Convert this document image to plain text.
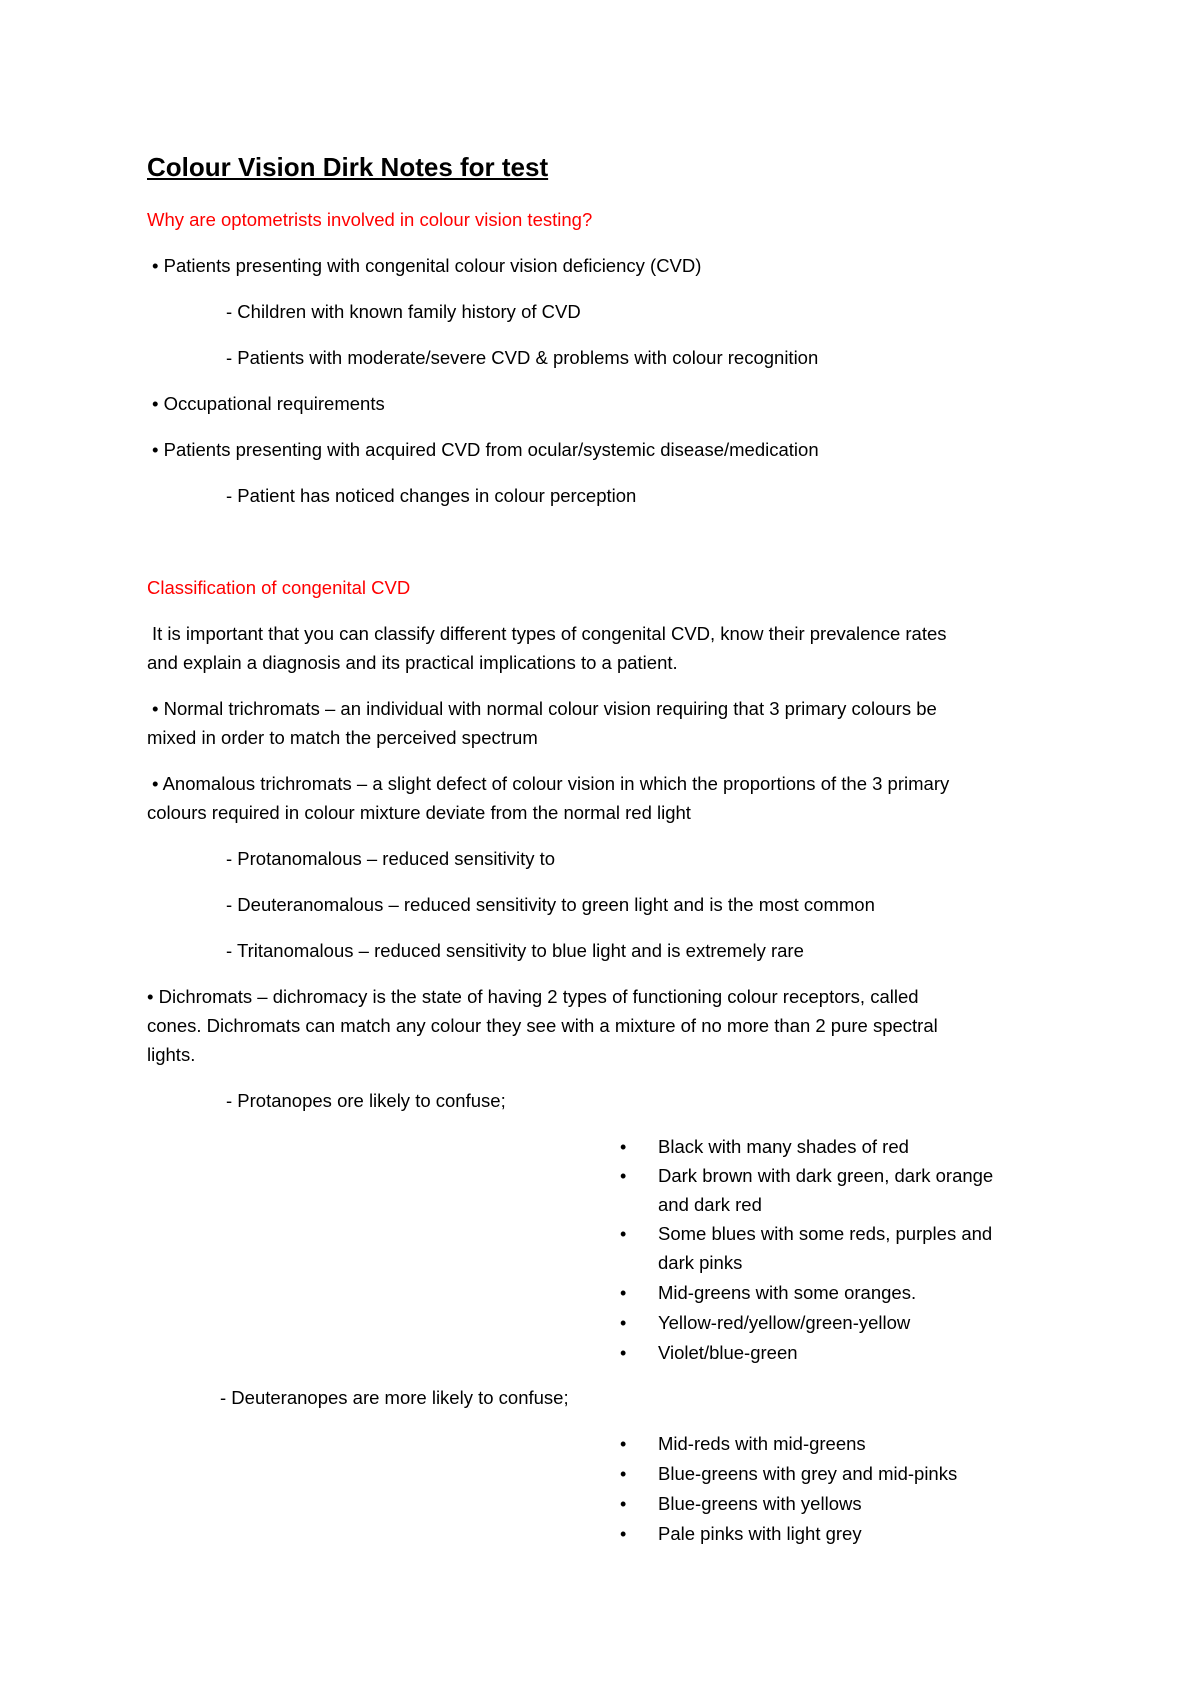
Colour Vision Dirk Notes for test
Why are optometrists involved in colour vision testing?
• Patients presenting with congenital colour vision deficiency (CVD)
- Children with known family history of CVD
- Patients with moderate/severe CVD & problems with colour recognition
• Occupational requirements
• Patients presenting with acquired CVD from ocular/systemic disease/medication
- Patient has noticed changes in colour perception
Classification of congenital CVD
It is important that you can classify different types of congenital CVD, know their prevalence rates
and explain a diagnosis and its practical implications to a patient.
• Normal trichromats – an individual with normal colour vision requiring that 3 primary colours be
mixed in order to match the perceived spectrum
• Anomalous trichromats – a slight defect of colour vision in which the proportions of the 3 primary
colours required in colour mixture deviate from the normal red light
- Protanomalous – reduced sensitivity to
- Deuteranomalous – reduced sensitivity to green light and is the most common
- Tritanomalous – reduced sensitivity to blue light and is extremely rare
• Dichromats – dichromacy is the state of having 2 types of functioning colour receptors, called
cones. Dichromats can match any colour they see with a mixture of no more than 2 pure spectral
lights.
- Protanopes ore likely to confuse;
• Black with many shades of red
• Dark brown with dark green, dark orange
and dark red
• Some blues with some reds, purples and
dark pinks
• Mid-greens with some oranges.
• Yellow-red/yellow/green-yellow
• Violet/blue-green
- Deuteranopes are more likely to confuse;
• Mid-reds with mid-greens
• Blue-greens with grey and mid-pinks
• Blue-greens with yellows
• Pale pinks with light grey
